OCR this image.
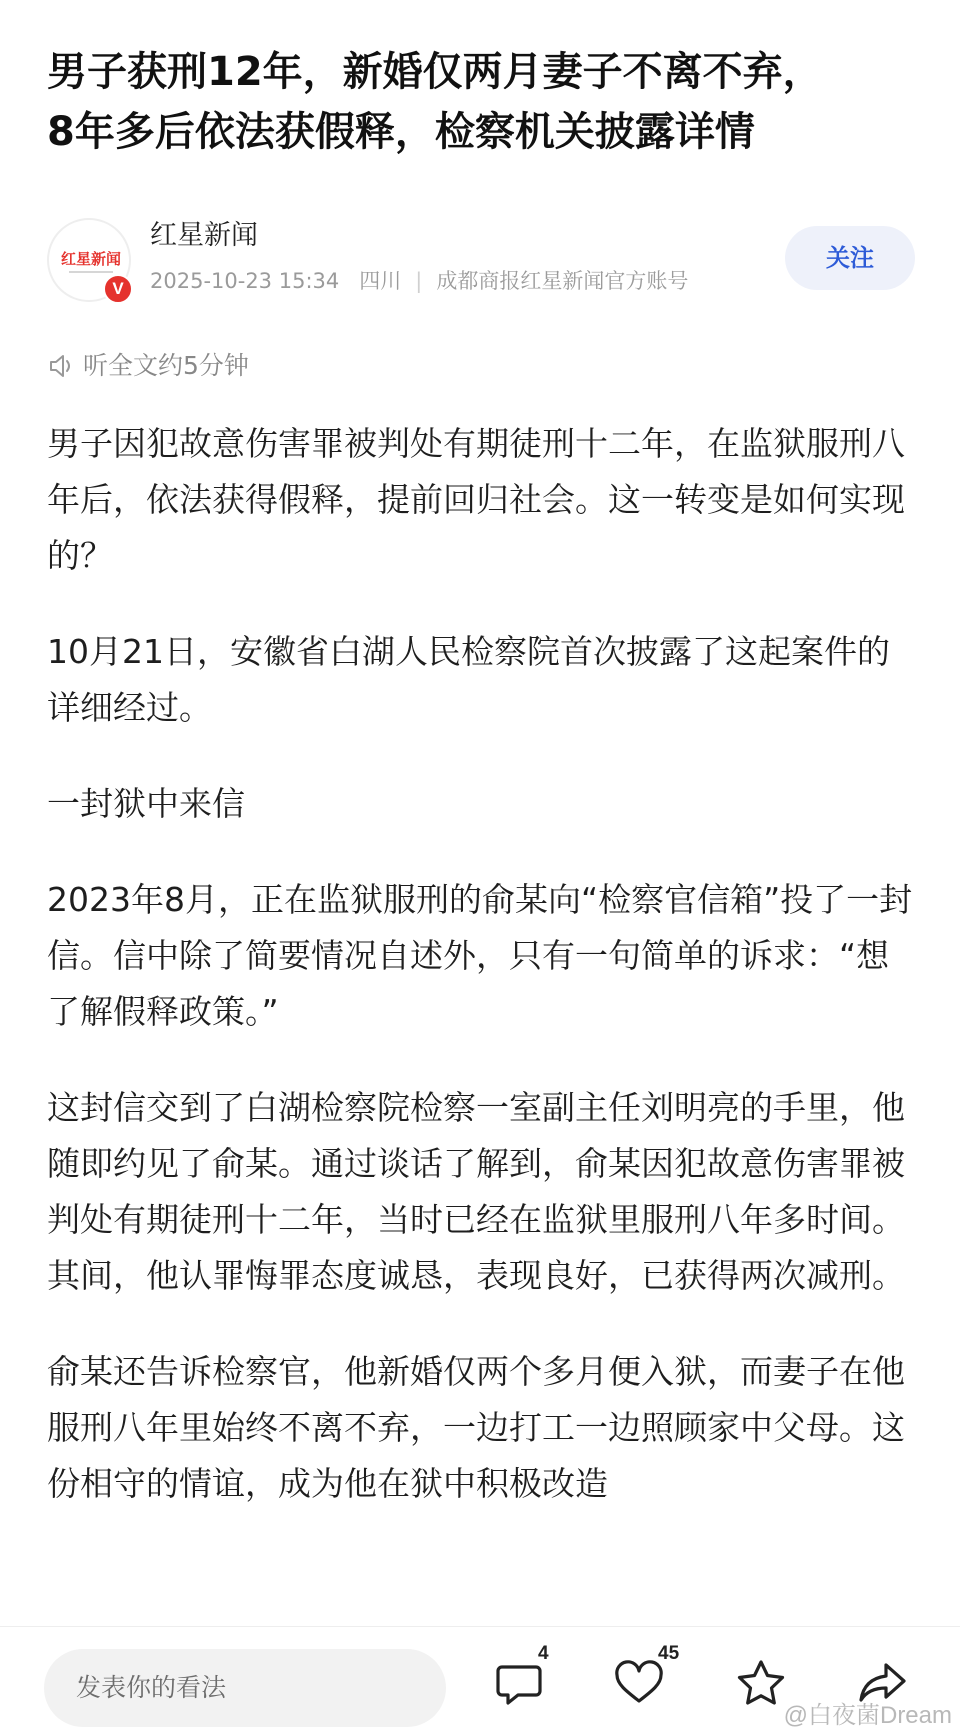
男子获刑12年，新婚仅两月妻子不离不弃，
8年多后依法获假释，检察机关披露详情
红星新闻
V
红星新闻
2025-10-23 15:34 四川 | 成都商报红星新闻官方账号
关注
听全文约5分钟

男子因犯故意伤害罪被判处有期徒刑十二年，在监狱服刑八年后，依法获得假释，提前回归社会。这一转变是如何实现的？

10月21日，安徽省白湖人民检察院首次披露了这起案件的详细经过。

一封狱中来信

2023年8月，正在监狱服刑的俞某向“检察官信箱”投了一封信。信中除了简要情况自述外，只有一句简单的诉求：“想了解假释政策。”

这封信交到了白湖检察院检察一室副主任刘明亮的手里，他随即约见了俞某。通过谈话了解到，俞某因犯故意伤害罪被判处有期徒刑十二年，当时已经在监狱里服刑八年多时间。其间，他认罪悔罪态度诚恳，表现良好，已获得两次减刑。

俞某还告诉检察官，他新婚仅两个多月便入狱，而妻子在他服刑八年里始终不离不弃，一边打工一边照顾家中父母。这份相守的情谊，成为他在狱中积极改造

发表你的看法
4	45
@白夜菌Dream
